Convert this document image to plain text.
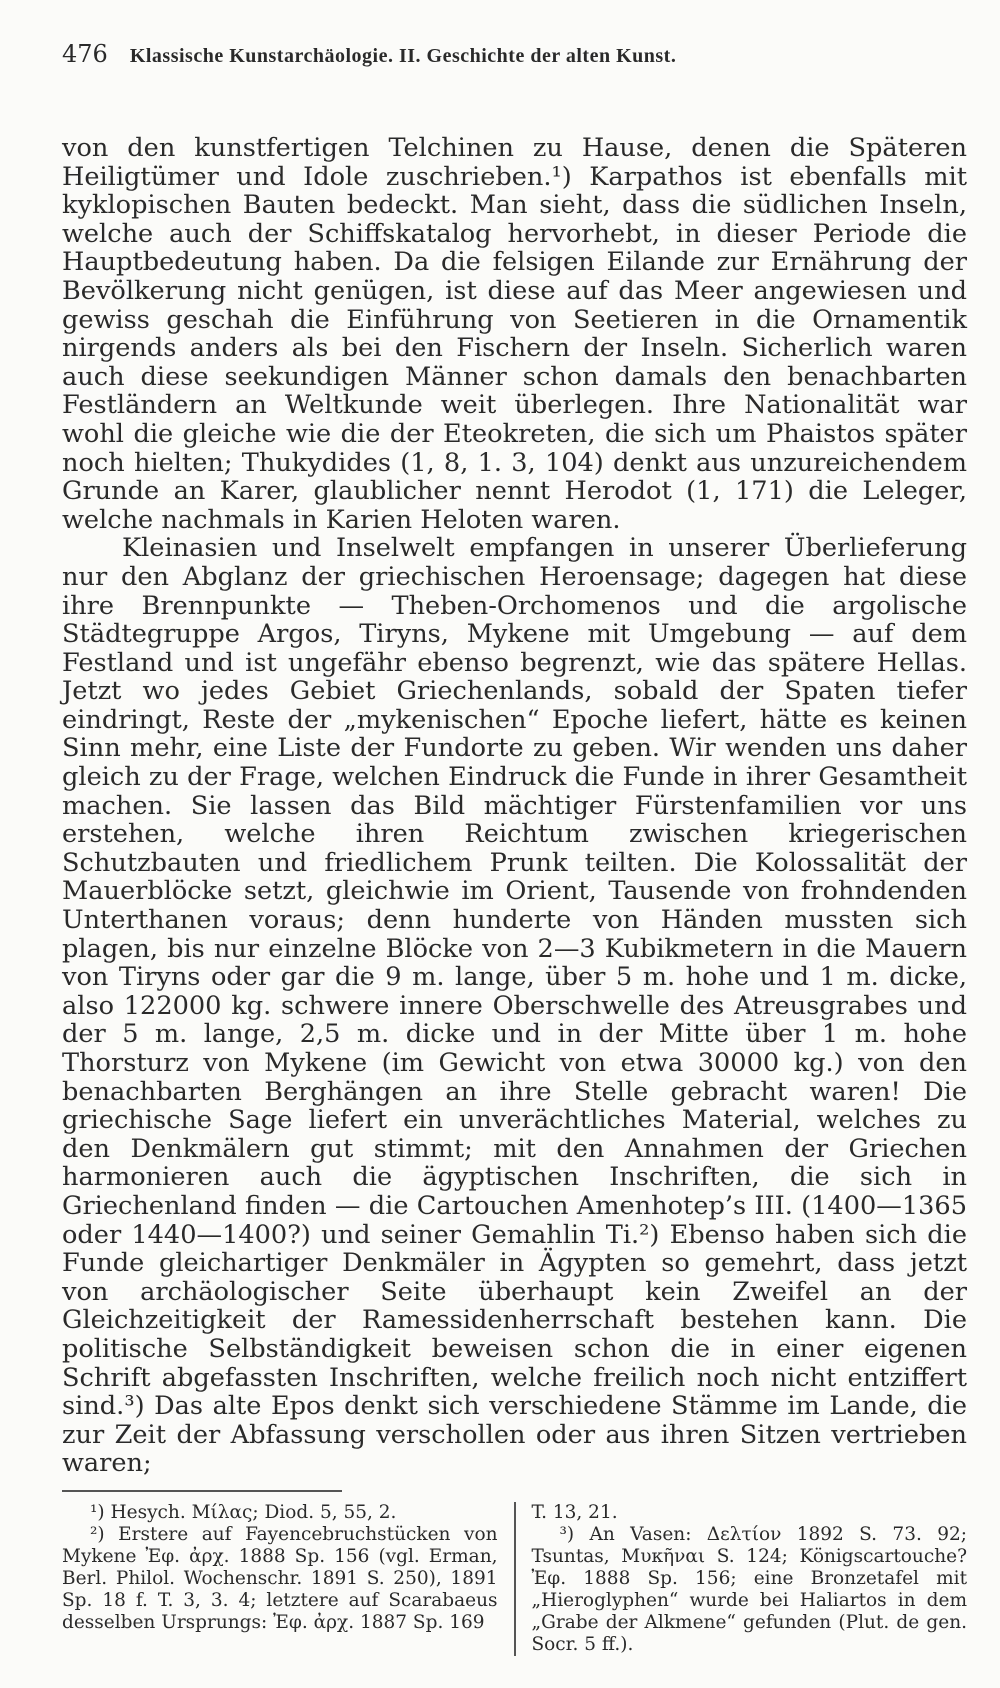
476 Klassische Kunstarchäologie. II. Geschichte der alten Kunst.

von den kunstfertigen Telchinen zu Hause, denen die Späteren Heiligtümer und Idole zuschrieben.¹) Karpathos ist ebenfalls mit kyklopischen Bauten bedeckt. Man sieht, dass die südlichen Inseln, welche auch der Schiffskatalog hervorhebt, in dieser Periode die Hauptbedeutung haben. Da die felsigen Eilande zur Ernährung der Bevölkerung nicht genügen, ist diese auf das Meer angewiesen und gewiss geschah die Einführung von Seetieren in die Ornamentik nirgends anders als bei den Fischern der Inseln. Sicherlich waren auch diese seekundigen Männer schon damals den benachbarten Festländern an Weltkunde weit überlegen. Ihre Nationalität war wohl die gleiche wie die der Eteokreten, die sich um Phaistos später noch hielten; Thukydides (1, 8, 1. 3, 104) denkt aus unzureichendem Grunde an Karer, glaublicher nennt Herodot (1, 171) die Leleger, welche nachmals in Karien Heloten waren.

Kleinasien und Inselwelt empfangen in unserer Überlieferung nur den Abglanz der griechischen Heroensage; dagegen hat diese ihre Brennpunkte — Theben-Orchomenos und die argolische Städtegruppe Argos, Tiryns, Mykene mit Umgebung — auf dem Festland und ist ungefähr ebenso begrenzt, wie das spätere Hellas. Jetzt wo jedes Gebiet Griechenlands, sobald der Spaten tiefer eindringt, Reste der „mykenischen“ Epoche liefert, hätte es keinen Sinn mehr, eine Liste der Fundorte zu geben. Wir wenden uns daher gleich zu der Frage, welchen Eindruck die Funde in ihrer Gesamtheit machen. Sie lassen das Bild mächtiger Fürstenfamilien vor uns erstehen, welche ihren Reichtum zwischen kriegerischen Schutzbauten und friedlichem Prunk teilten. Die Kolossalität der Mauerblöcke setzt, gleichwie im Orient, Tausende von frohndenden Unterthanen voraus; denn hunderte von Händen mussten sich plagen, bis nur einzelne Blöcke von 2—3 Kubikmetern in die Mauern von Tiryns oder gar die 9 m. lange, über 5 m. hohe und 1 m. dicke, also 122000 kg. schwere innere Oberschwelle des Atreusgrabes und der 5 m. lange, 2,5 m. dicke und in der Mitte über 1 m. hohe Thorsturz von Mykene (im Gewicht von etwa 30000 kg.) von den benachbarten Berghängen an ihre Stelle gebracht waren! Die griechische Sage liefert ein unverächtliches Material, welches zu den Denkmälern gut stimmt; mit den Annahmen der Griechen harmonieren auch die ägyptischen Inschriften, die sich in Griechenland finden — die Cartouchen Amenhotep’s III. (1400—1365 oder 1440—1400?) und seiner Gemahlin Ti.²) Ebenso haben sich die Funde gleichartiger Denkmäler in Ägypten so gemehrt, dass jetzt von archäologischer Seite überhaupt kein Zweifel an der Gleichzeitigkeit der Ramessidenherrschaft bestehen kann. Die politische Selbständigkeit beweisen schon die in einer eigenen Schrift abgefassten Inschriften, welche freilich noch nicht entziffert sind.³) Das alte Epos denkt sich verschiedene Stämme im Lande, die zur Zeit der Abfassung verschollen oder aus ihren Sitzen vertrieben waren;

¹) Hesych. Μίλας; Diod. 5, 55, 2.

²) Erstere auf Fayencebruchstücken von Mykene Ἐφ. ἀρχ. 1888 Sp. 156 (vgl. Erman, Berl. Philol. Wochenschr. 1891 S. 250), 1891 Sp. 18 f. T. 3, 3. 4; letztere auf Scarabaeus desselben Ursprungs: Ἐφ. ἀρχ. 1887 Sp. 169

T. 13, 21.

³) An Vasen: Δελτίον 1892 S. 73. 92; Tsuntas, Μυκῆναι S. 124; Königscartouche? Ἐφ. 1888 Sp. 156; eine Bronzetafel mit „Hieroglyphen“ wurde bei Haliartos in dem „Grabe der Alkmene“ gefunden (Plut. de gen. Socr. 5 ff.).
